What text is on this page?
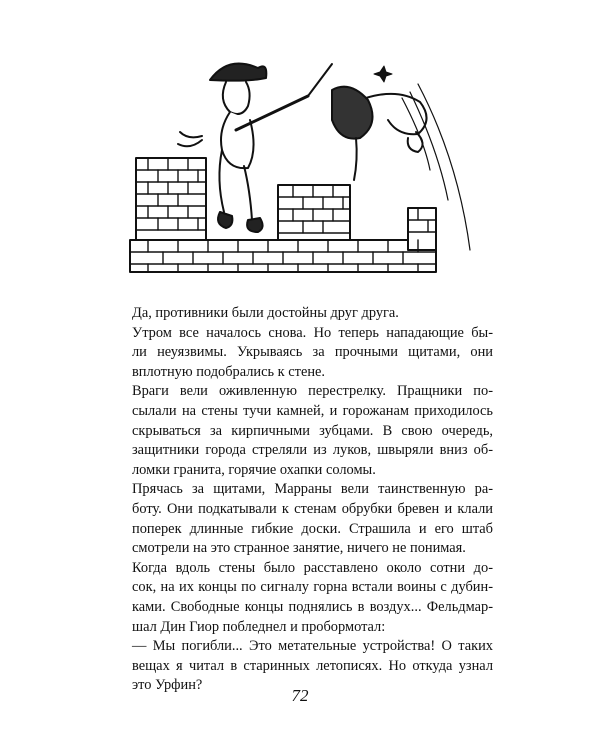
Да, противники были достойны друг друга.

Утром все началось снова. Но теперь нападающие бы-
ли неуязвимы. Укрываясь за прочными щитами, они
вплотную подобрались к стене.

Враги вели оживленную перестрелку. Пращники по-
сылали на стены тучи камней, и горожанам приходилось
скрываться за кирпичными зубцами. В свою очередь,
защитники города стреляли из луков, швыряли вниз об-
ломки гранита, горячие охапки соломы.

Прячась за щитами, Марраны вели таинственную ра-
боту. Они подкатывали к стенам обрубки бревен и клали
поперек длинные гибкие доски. Страшила и его штаб
смотрели на это странное занятие, ничего не понимая.

Когда вдоль стены было расставлено около сотни до-
сок, на их концы по сигналу горна встали воины с дубин-
ками. Свободные концы поднялись в воздух... Фельдмар-
шал Дин Гиор побледнел и пробормотал:

— Мы погибли... Это метательные устройства! О таких
вещах я читал в старинных летописях. Но откуда узнал
это Урфин?

72
